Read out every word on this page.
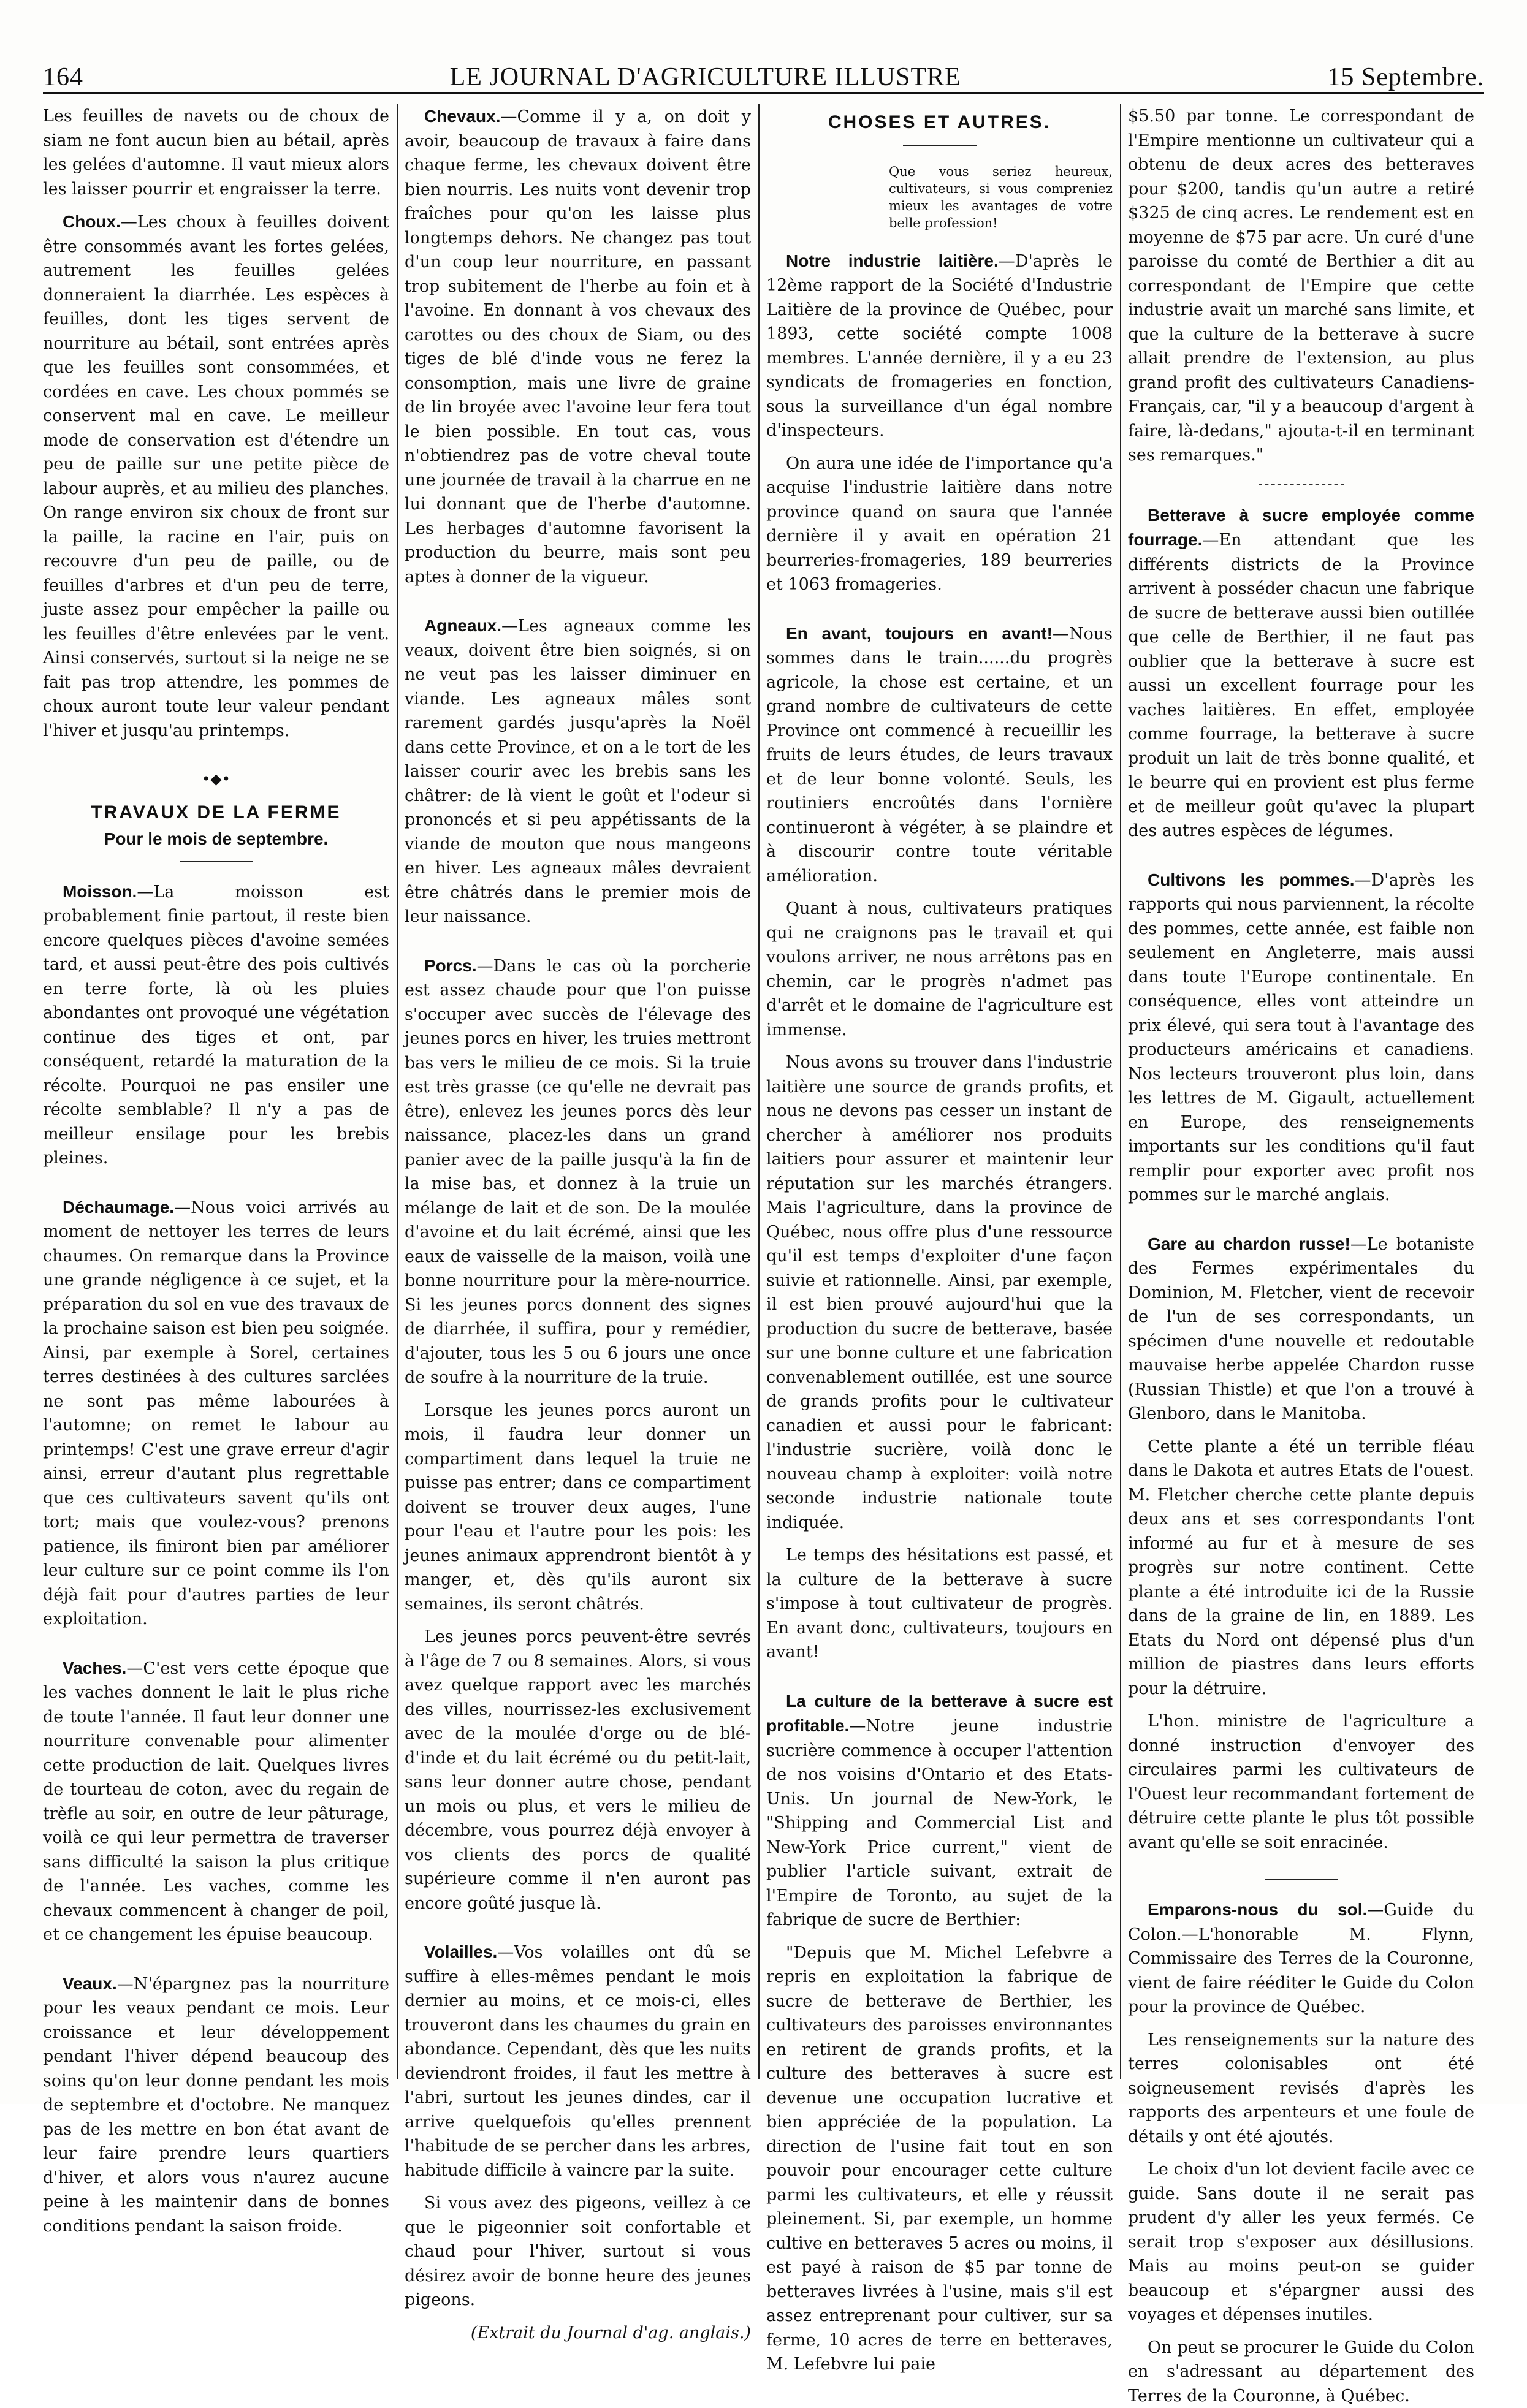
164	LE JOURNAL D'AGRICULTURE ILLUSTRE	15 Septembre.

Les feuilles de navets ou de choux de siam ne font aucun bien au bétail, après les gelées d'automne. Il vaut mieux alors les laisser pourrir et engraisser la terre.

Choux.—Les choux à feuilles doivent être consommés avant les fortes gelées, autrement les feuilles gelées donneraient la diarrhée. Les espèces à feuilles, dont les tiges servent de nourriture au bétail, sont entrées après que les feuilles sont consommées, et cordées en cave. Les choux pommés se conservent mal en cave. Le meilleur mode de conservation est d'étendre un peu de paille sur une petite pièce de labour auprès, et au milieu des planches. On range environ six choux de front sur la paille, la racine en l'air, puis on recouvre d'un peu de paille, ou de feuilles d'arbres et d'un peu de terre, juste assez pour empêcher la paille ou les feuilles d'être enlevées par le vent. Ainsi conservés, surtout si la neige ne se fait pas trop attendre, les pommes de choux auront toute leur valeur pendant l'hiver et jusqu'au printemps.

•◆•
TRAVAUX DE LA FERME
Pour le mois de septembre.

Moisson.—La moisson est probablement finie partout, il reste bien encore quelques pièces d'avoine semées tard, et aussi peut-être des pois cultivés en terre forte, là où les pluies abondantes ont provoqué une végétation continue des tiges et ont, par conséquent, retardé la maturation de la récolte. Pourquoi ne pas ensiler une récolte semblable? Il n'y a pas de meilleur ensilage pour les brebis pleines.

Déchaumage.—Nous voici arrivés au moment de nettoyer les terres de leurs chaumes. On remarque dans la Province une grande négligence à ce sujet, et la préparation du sol en vue des travaux de la prochaine saison est bien peu soignée. Ainsi, par exemple à Sorel, certaines terres destinées à des cultures sarclées ne sont pas même labourées à l'automne; on remet le labour au printemps! C'est une grave erreur d'agir ainsi, erreur d'autant plus regrettable que ces cultivateurs savent qu'ils ont tort; mais que voulez-vous? prenons patience, ils finiront bien par améliorer leur culture sur ce point comme ils l'on déjà fait pour d'autres parties de leur exploitation.

Vaches.—C'est vers cette époque que les vaches donnent le lait le plus riche de toute l'année. Il faut leur donner une nourriture convenable pour alimenter cette production de lait. Quelques livres de tourteau de coton, avec du regain de trèfle au soir, en outre de leur pâturage, voilà ce qui leur permettra de traverser sans difficulté la saison la plus critique de l'année. Les vaches, comme les chevaux commencent à changer de poil, et ce changement les épuise beaucoup.

Veaux.—N'épargnez pas la nourriture pour les veaux pendant ce mois. Leur croissance et leur développement pendant l'hiver dépend beaucoup des soins qu'on leur donne pendant les mois de septembre et d'octobre. Ne manquez pas de les mettre en bon état avant de leur faire prendre leurs quartiers d'hiver, et alors vous n'aurez aucune peine à les maintenir dans de bonnes conditions pendant la saison froide.

Chevaux.—Comme il y a, on doit y avoir, beaucoup de travaux à faire dans chaque ferme, les chevaux doivent être bien nourris. Les nuits vont devenir trop fraîches pour qu'on les laisse plus longtemps dehors. Ne changez pas tout d'un coup leur nourriture, en passant trop subitement de l'herbe au foin et à l'avoine. En donnant à vos chevaux des carottes ou des choux de Siam, ou des tiges de blé d'inde vous ne ferez la consomption, mais une livre de graine de lin broyée avec l'avoine leur fera tout le bien possible. En tout cas, vous n'obtiendrez pas de votre cheval toute une journée de travail à la charrue en ne lui donnant que de l'herbe d'automne. Les herbages d'automne favorisent la production du beurre, mais sont peu aptes à donner de la vigueur.

Agneaux.—Les agneaux comme les veaux, doivent être bien soignés, si on ne veut pas les laisser diminuer en viande. Les agneaux mâles sont rarement gardés jusqu'après la Noël dans cette Province, et on a le tort de les laisser courir avec les brebis sans les châtrer: de là vient le goût et l'odeur si prononcés et si peu appétissants de la viande de mouton que nous mangeons en hiver. Les agneaux mâles devraient être châtrés dans le premier mois de leur naissance.

Porcs.—Dans le cas où la porcherie est assez chaude pour que l'on puisse s'occuper avec succès de l'élevage des jeunes porcs en hiver, les truies mettront bas vers le milieu de ce mois. Si la truie est très grasse (ce qu'elle ne devrait pas être), enlevez les jeunes porcs dès leur naissance, placez-les dans un grand panier avec de la paille jusqu'à la fin de la mise bas, et donnez à la truie un mélange de lait et de son. De la moulée d'avoine et du lait écrémé, ainsi que les eaux de vaisselle de la maison, voilà une bonne nourriture pour la mère-nourrice. Si les jeunes porcs donnent des signes de diarrhée, il suffira, pour y remédier, d'ajouter, tous les 5 ou 6 jours une once de soufre à la nourriture de la truie.

Lorsque les jeunes porcs auront un mois, il faudra leur donner un compartiment dans lequel la truie ne puisse pas entrer; dans ce compartiment doivent se trouver deux auges, l'une pour l'eau et l'autre pour les pois: les jeunes animaux apprendront bientôt à y manger, et, dès qu'ils auront six semaines, ils seront châtrés.

Les jeunes porcs peuvent-être sevrés à l'âge de 7 ou 8 semaines. Alors, si vous avez quelque rapport avec les marchés des villes, nourrissez-les exclusivement avec de la moulée d'orge ou de blé-d'inde et du lait écrémé ou du petit-lait, sans leur donner autre chose, pendant un mois ou plus, et vers le milieu de décembre, vous pourrez déjà envoyer à vos clients des porcs de qualité supérieure comme il n'en auront pas encore goûté jusque là.

Volailles.—Vos volailles ont dû se suffire à elles-mêmes pendant le mois dernier au moins, et ce mois-ci, elles trouveront dans les chaumes du grain en abondance. Cependant, dès que les nuits deviendront froides, il faut les mettre à l'abri, surtout les jeunes dindes, car il arrive quelquefois qu'elles prennent l'habitude de se percher dans les arbres, habitude difficile à vaincre par la suite.

Si vous avez des pigeons, veillez à ce que le pigeonnier soit confortable et chaud pour l'hiver, surtout si vous désirez avoir de bonne heure des jeunes pigeons.

(Extrait du Journal d'ag. anglais.)

CHOSES ET AUTRES.

Que vous seriez heureux, cultivateurs, si vous compreniez mieux les avantages de votre belle profession!

Notre industrie laitière.—D'après le 12ème rapport de la Société d'Industrie Laitière de la province de Québec, pour 1893, cette société compte 1008 membres. L'année dernière, il y a eu 23 syndicats de fromageries en fonction, sous la surveillance d'un égal nombre d'inspecteurs.

On aura une idée de l'importance qu'a acquise l'industrie laitière dans notre province quand on saura que l'année dernière il y avait en opération 21 beurreries-fromageries, 189 beurreries et 1063 fromageries.

En avant, toujours en avant!—Nous sommes dans le train......du progrès agricole, la chose est certaine, et un grand nombre de cultivateurs de cette Province ont commencé à recueillir les fruits de leurs études, de leurs travaux et de leur bonne volonté. Seuls, les routiniers encroûtés dans l'ornière continueront à végéter, à se plaindre et à discourir contre toute véritable amélioration.

Quant à nous, cultivateurs pratiques qui ne craignons pas le travail et qui voulons arriver, ne nous arrêtons pas en chemin, car le progrès n'admet pas d'arrêt et le domaine de l'agriculture est immense.

Nous avons su trouver dans l'industrie laitière une source de grands profits, et nous ne devons pas cesser un instant de chercher à améliorer nos produits laitiers pour assurer et maintenir leur réputation sur les marchés étrangers. Mais l'agriculture, dans la province de Québec, nous offre plus d'une ressource qu'il est temps d'exploiter d'une façon suivie et rationnelle. Ainsi, par exemple, il est bien prouvé aujourd'hui que la production du sucre de betterave, basée sur une bonne culture et une fabrication convenablement outillée, est une source de grands profits pour le cultivateur canadien et aussi pour le fabricant: l'industrie sucrière, voilà donc le nouveau champ à exploiter: voilà notre seconde industrie nationale toute indiquée.

Le temps des hésitations est passé, et la culture de la betterave à sucre s'impose à tout cultivateur de progrès. En avant donc, cultivateurs, toujours en avant!

La culture de la betterave à sucre est profitable.—Notre jeune industrie sucrière commence à occuper l'attention de nos voisins d'Ontario et des Etats-Unis. Un journal de New-York, le "Shipping and Commercial List and New-York Price current," vient de publier l'article suivant, extrait de l'Empire de Toronto, au sujet de la fabrique de sucre de Berthier:

"Depuis que M. Michel Lefebvre a repris en exploitation la fabrique de sucre de betterave de Berthier, les cultivateurs des paroisses environnantes en retirent de grands profits, et la culture des betteraves à sucre est devenue une occupation lucrative et bien appréciée de la population. La direction de l'usine fait tout en son pouvoir pour encourager cette culture parmi les cultivateurs, et elle y réussit pleinement. Si, par exemple, un homme cultive en betteraves 5 acres ou moins, il est payé à raison de $5 par tonne de betteraves livrées à l'usine, mais s'il est assez entreprenant pour cultiver, sur sa ferme, 10 acres de terre en betteraves, M. Lefebvre lui paie

$5.50 par tonne. Le correspondant de l'Empire mentionne un cultivateur qui a obtenu de deux acres des betteraves pour $200, tandis qu'un autre a retiré $325 de cinq acres. Le rendement est en moyenne de $75 par acre. Un curé d'une paroisse du comté de Berthier a dit au correspondant de l'Empire que cette industrie avait un marché sans limite, et que la culture de la betterave à sucre allait prendre de l'extension, au plus grand profit des cultivateurs Canadiens-Français, car, "il y a beaucoup d'argent à faire, là-dedans," ajouta-t-il en terminant ses remarques."

Betterave à sucre employée comme fourrage.—En attendant que les différents districts de la Province arrivent à posséder chacun une fabrique de sucre de betterave aussi bien outillée que celle de Berthier, il ne faut pas oublier que la betterave à sucre est aussi un excellent fourrage pour les vaches laitières. En effet, employée comme fourrage, la betterave à sucre produit un lait de très bonne qualité, et le beurre qui en provient est plus ferme et de meilleur goût qu'avec la plupart des autres espèces de légumes.

Cultivons les pommes.—D'après les rapports qui nous parviennent, la récolte des pommes, cette année, est faible non seulement en Angleterre, mais aussi dans toute l'Europe continentale. En conséquence, elles vont atteindre un prix élevé, qui sera tout à l'avantage des producteurs américains et canadiens. Nos lecteurs trouveront plus loin, dans les lettres de M. Gigault, actuellement en Europe, des renseignements importants sur les conditions qu'il faut remplir pour exporter avec profit nos pommes sur le marché anglais.

Gare au chardon russe!—Le botaniste des Fermes expérimentales du Dominion, M. Fletcher, vient de recevoir de l'un de ses correspondants, un spécimen d'une nouvelle et redoutable mauvaise herbe appelée Chardon russe (Russian Thistle) et que l'on a trouvé à Glenboro, dans le Manitoba.

Cette plante a été un terrible fléau dans le Dakota et autres Etats de l'ouest. M. Fletcher cherche cette plante depuis deux ans et ses correspondants l'ont informé au fur et à mesure de ses progrès sur notre continent. Cette plante a été introduite ici de la Russie dans de la graine de lin, en 1889. Les Etats du Nord ont dépensé plus d'un million de piastres dans leurs efforts pour la détruire.

L'hon. ministre de l'agriculture a donné instruction d'envoyer des circulaires parmi les cultivateurs de l'Ouest leur recommandant fortement de détruire cette plante le plus tôt possible avant qu'elle se soit enracinée.

Emparons-nous du sol.—Guide du Colon.—L'honorable M. Flynn, Commissaire des Terres de la Couronne, vient de faire rééditer le Guide du Colon pour la province de Québec.

Les renseignements sur la nature des terres colonisables ont été soigneusement revisés d'après les rapports des arpenteurs et une foule de détails y ont été ajoutés.

Le choix d'un lot devient facile avec ce guide. Sans doute il ne serait pas prudent d'y aller les yeux fermés. Ce serait trop s'exposer aux désillusions. Mais au moins peut-on se guider beaucoup et s'épargner aussi des voyages et dépenses inutiles.

On peut se procurer le Guide du Colon en s'adressant au département des Terres de la Couronne, à Québec.
